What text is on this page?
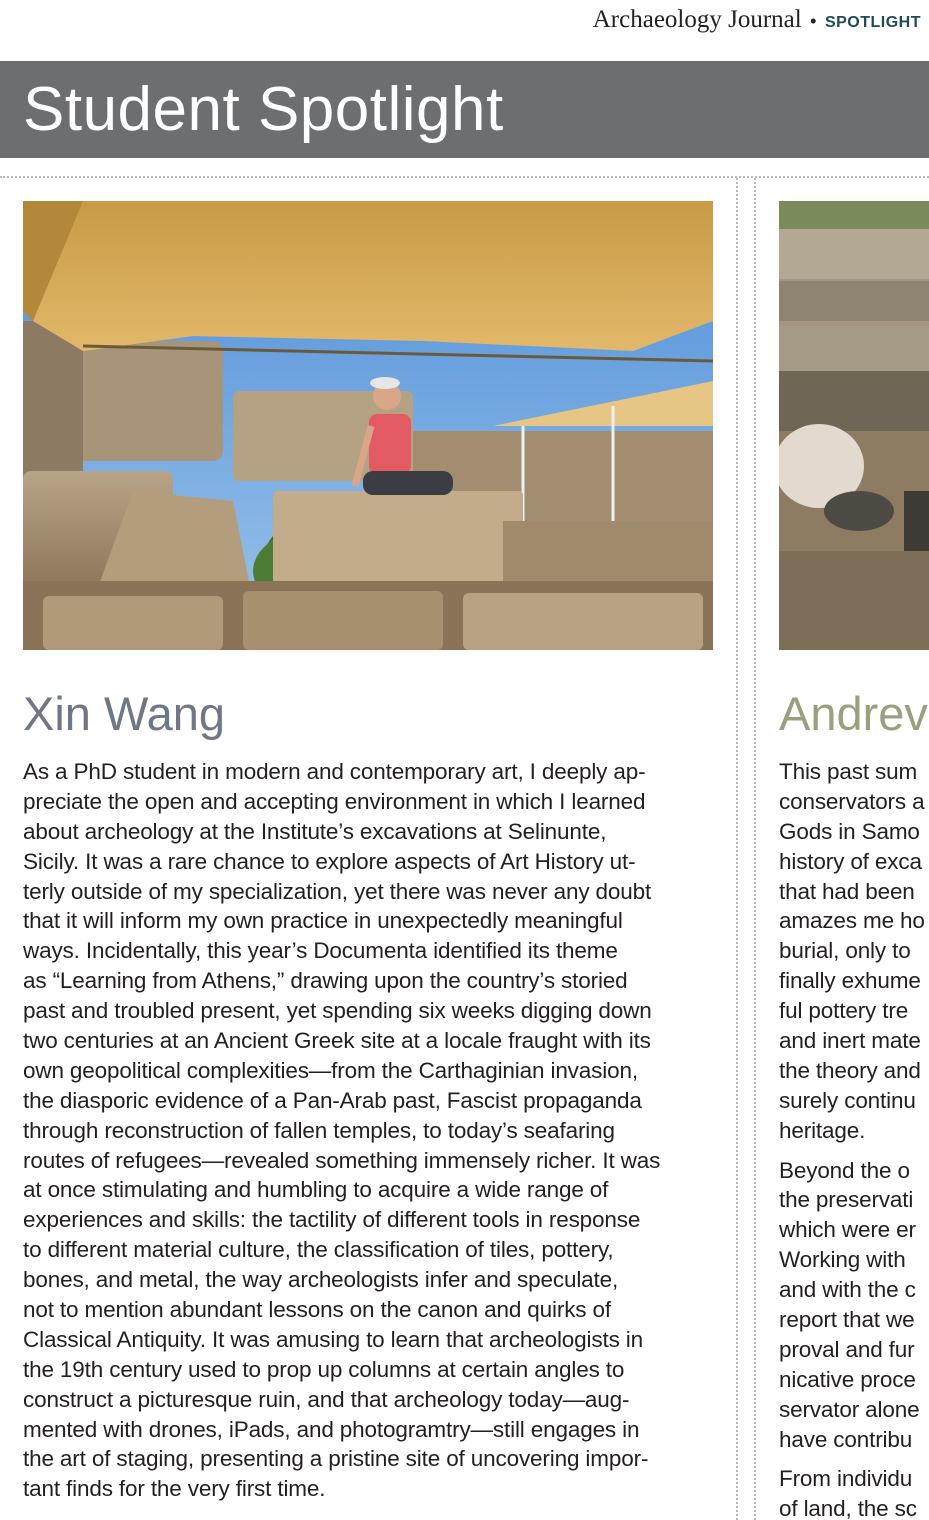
Archaeology Journal • SPOTLIGHT
Student Spotlight
Xin Wang
As a PhD student in modern and contemporary art, I deeply ap-
preciate the open and accepting environment in which I learned
about archeology at the Institute’s excavations at Selinunte,
Sicily. It was a rare chance to explore aspects of Art History ut-
terly outside of my specialization, yet there was never any doubt
that it will inform my own practice in unexpectedly meaningful
ways. Incidentally, this year’s Documenta identified its theme
as “Learning from Athens,” drawing upon the country’s storied
past and troubled present, yet spending six weeks digging down
two centuries at an Ancient Greek site at a locale fraught with its
own geopolitical complexities—from the Carthaginian invasion,
the diasporic evidence of a Pan-Arab past, Fascist propaganda
through reconstruction of fallen temples, to today’s seafaring
routes of refugees—revealed something immensely richer. It was
at once stimulating and humbling to acquire a wide range of
experiences and skills: the tactility of different tools in response
to different material culture, the classification of tiles, pottery,
bones, and metal, the way archeologists infer and speculate,
not to mention abundant lessons on the canon and quirks of
Classical Antiquity. It was amusing to learn that archeologists in
the 19th century used to prop up columns at certain angles to
construct a picturesque ruin, and that archeology today—aug-
mented with drones, iPads, and photogramtry—still engages in
the art of staging, presenting a pristine site of uncovering impor-
tant finds for the very first time.
Andrev
This past sum
conservators a
Gods in Samo
history of exca
that had been
amazes me ho
burial, only to
finally exhume
ful pottery tre
and inert mate
the theory and
surely continu
heritage.
Beyond the o
the preservati
which were er
Working with
and with the c
report that we
proval and fur
nicative proce
servator alone
have contribu
From individu
of land, the sc
